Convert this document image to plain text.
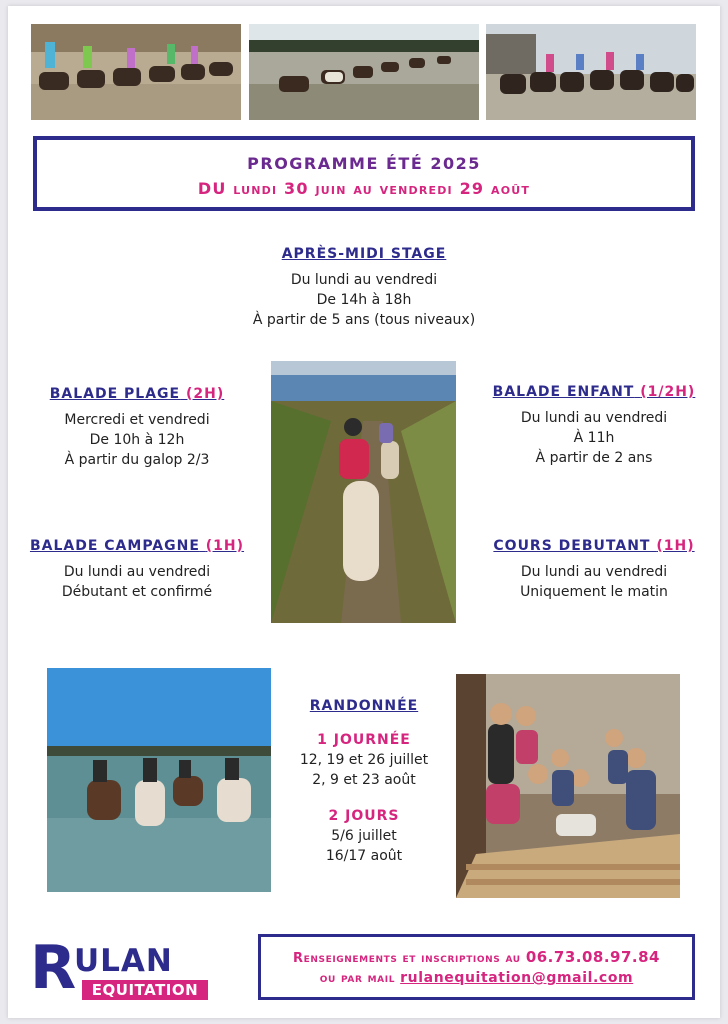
PROGRAMME ÉTÉ 2025
DU lundi 30 juin au vendredi 29 août
APRÈS-MIDI STAGE
Du lundi au vendredi
De 14h à 18h
À partir de 5 ans (tous niveaux)
BALADE PLAGE (2H)
Mercredi et vendredi
De 10h à 12h
À partir du galop 2/3
BALADE ENFANT (1/2H)
Du lundi au vendredi
À 11h
À partir de 2 ans
BALADE CAMPAGNE (1H)
Du lundi au vendredi
Débutant et confirmé
COURS DEBUTANT (1H)
Du lundi au vendredi
Uniquement le matin
RANDONNÉE
1 JOURNÉE
12, 19 et 26 juillet
2, 9 et 23 août
2 JOURS
5/6 juillet
16/17 août
R
ULAN
EQUITATION
Renseignements et inscriptions au 06.73.08.97.84
ou par mail rulanequitation@gmail.com
